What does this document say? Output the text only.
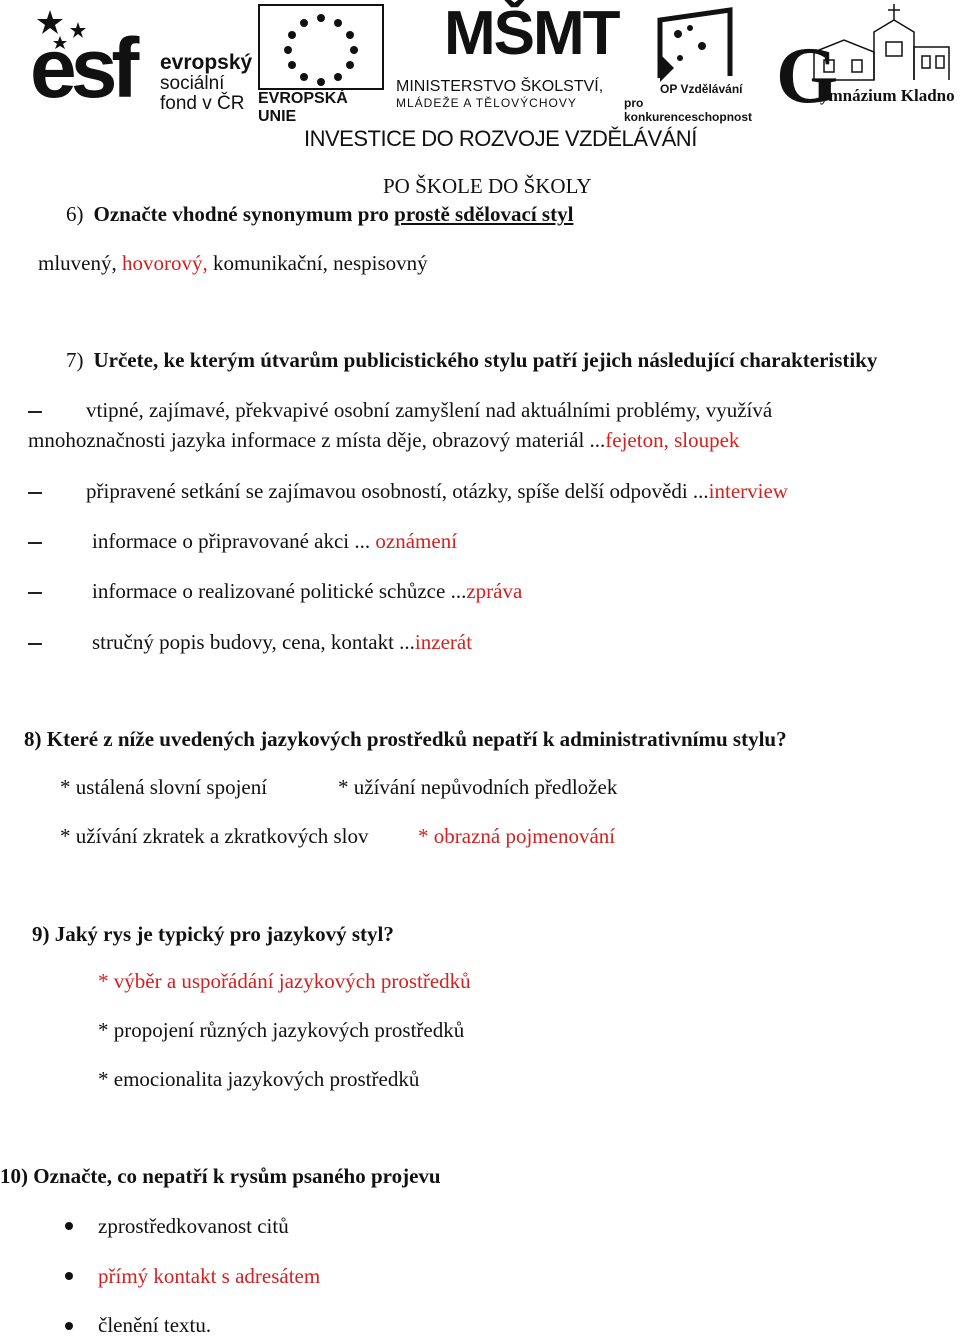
esf evropský
sociální
fond v ČR EVROPSKÁ UNIE
MŠMT
MINISTERSTVO ŠKOLSTVÍ,
MLÁDEŽE A TĚLOVÝCHOVY
OP Vzdělávání
pro konkurenceschopnost G
ymnázium Kladno
INVESTICE DO ROZVOJE VZDĚLÁVÁNÍ
PO ŠKOLE DO ŠKOLY
6) Označte vhodné synonymum pro prostě sdělovací styl
mluvený, hovorový, komunikační, nespisovný
7) Určete, ke kterým útvarům publicistického stylu patří jejich následující charakteristiky
vtipné, zajímavé, překvapivé osobní zamyšlení nad aktuálními problémy, využívá
mnohoznačnosti jazyka informace z místa děje, obrazový materiál ...fejeton, sloupek
připravené setkání se zajímavou osobností, otázky, spíše delší odpovědi ...interview
informace o připravované akci ... oznámení
informace o realizované politické schůzce ...zpráva
stručný popis budovy, cena, kontakt ...inzerát
8) Které z níže uvedených jazykových prostředků nepatří k administrativnímu stylu?
* ustálená slovní spojení	* užívání nepůvodních předložek
* užívání zkratek a zkratkových slov * obrazná pojmenování
9) Jaký rys je typický pro jazykový styl?
* výběr a uspořádání jazykových prostředků
* propojení různých jazykových prostředků
* emocionalita jazykových prostředků
10) Označte, co nepatří k rysům psaného projevu
zprostředkovanost citů
přímý kontakt s adresátem
členění textu.
